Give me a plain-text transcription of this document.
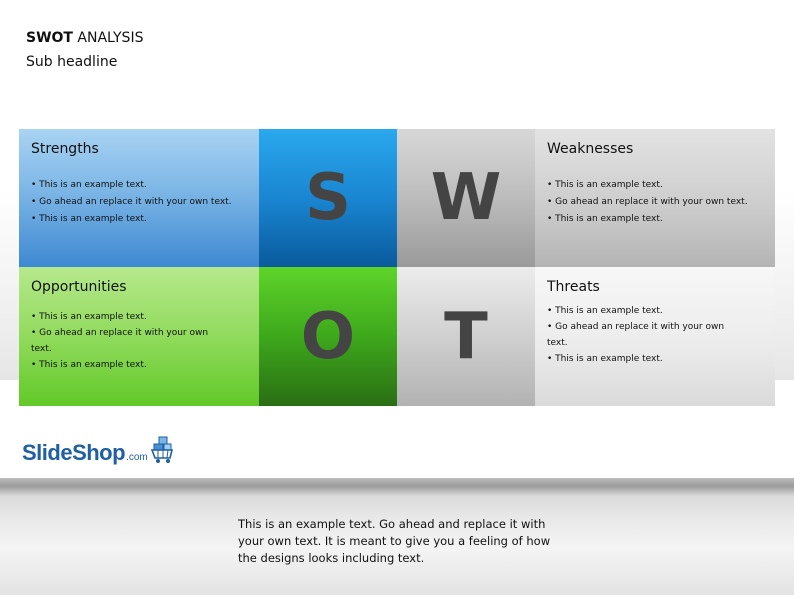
SWOT ANALYSIS
Sub headline
Strengths
• This is an example text.
• Go ahead an replace it with your own text.
• This is an example text.	S W
Weaknesses
• This is an example text.
• Go ahead an replace it with your own text.
• This is an example text.
Opportunities
• This is an example text.
• Go ahead an replace it with your own
text.
• This is an example text.	O T
Threats
• This is an example text.
• Go ahead an replace it with your own
text.
• This is an example text.
SlideShop .com
This is an example text. Go ahead and replace it with your own text. It is meant to give you a feeling of how the designs looks including text.
